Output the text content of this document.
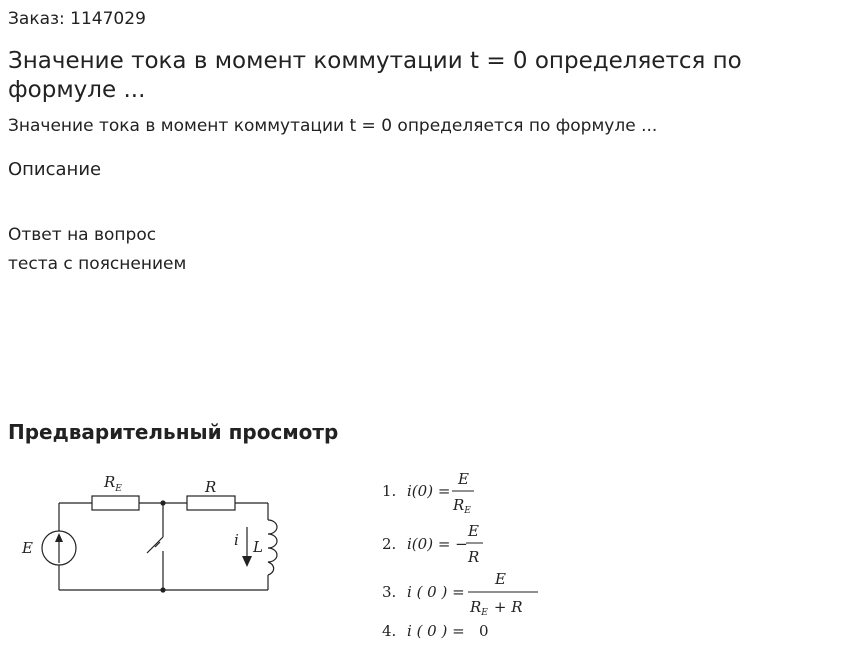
Заказ: 1147029
Значение тока в момент коммутации t = 0 определяется по формуле ...
Значение тока в момент коммутации t = 0 определяется по формуле ...
Описание
Ответ на вопрос
теста с пояснением
Предварительный просмотр
E
$R_E$	R
i L
1. i(0) =
E
$R_E$
2. i(0) = −
E
R
3. i ( 0 ) =
E
$R_E + R$
4. i ( 0 ) = 0
